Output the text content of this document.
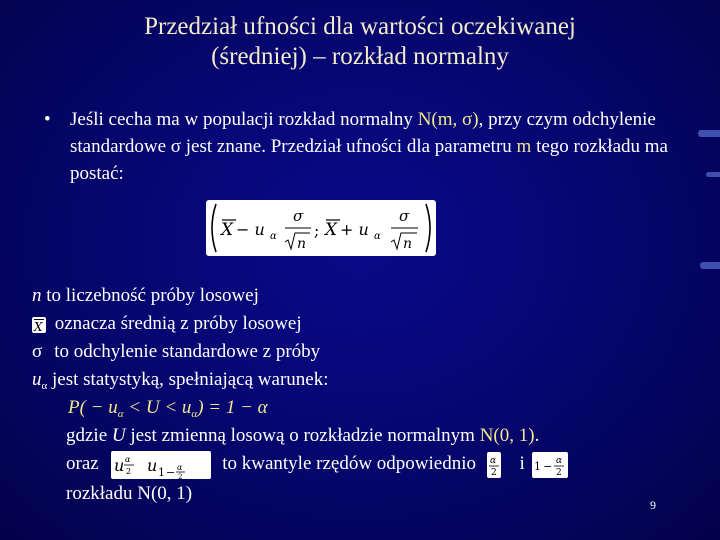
Przedział ufności dla wartości oczekiwanej
(średniej) – rozkład normalny
• Jeśli cecha ma w populacji rozkład normalny N(m, σ), przy czym odchylenie standardowe σ jest znane. Przedział ufności dla parametru m tego rozkładu ma postać:
X − u α
σ
n
; X + u α
σ
n
n to liczebność próby losowej
X oznacza średnią z próby losowej
σ to odchylenie standardowe z próby
$u_\alpha$ jest statystyką, spełniającą warunek:
$P( - u_\alpha < U < u_\alpha) = 1 - \alpha$
gdzie U jest zmienną losową o rozkładzie normalnym N(0, 1).
oraz u α
2 u 1 − α
2
to kwantyle rzędów odpowiednio α
2 i 1 − α
2
rozkładu N(0, 1)
9
